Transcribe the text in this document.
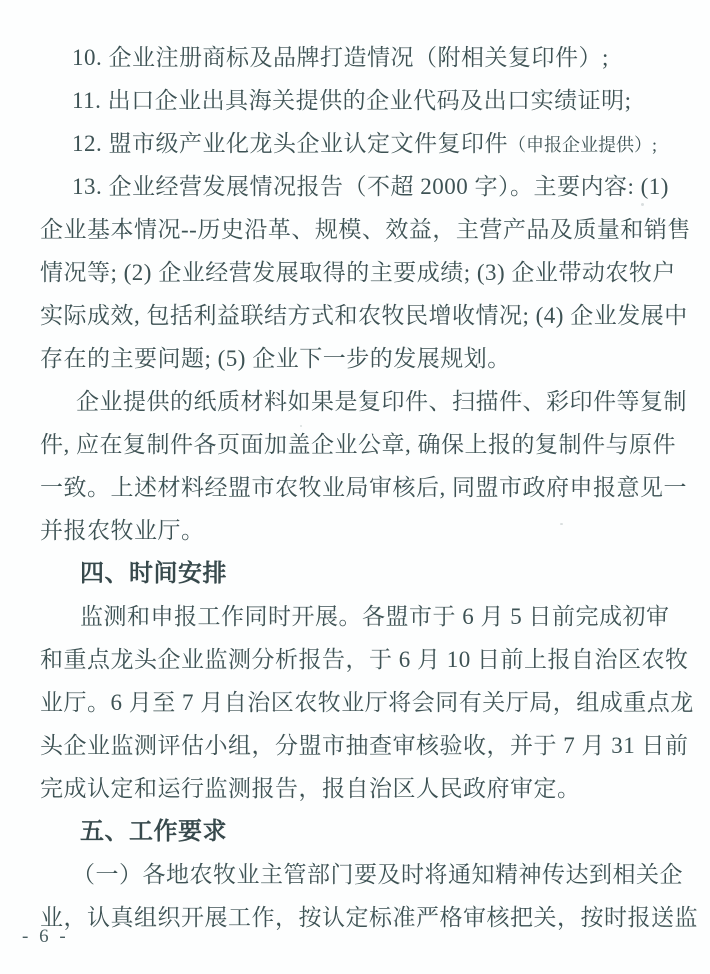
10. 企业注册商标及品牌打造情况（附相关复印件）;
11. 出口企业出具海关提供的企业代码及出口实绩证明;
12. 盟市级产业化龙头企业认定文件复印件（申报企业提供）;
13. 企业经营发展情况报告（不超 2000 字）。主要内容: (1)
企业基本情况--历史沿革、规模、效益，主营产品及质量和销售
情况等; (2) 企业经营发展取得的主要成绩; (3) 企业带动农牧户
实际成效, 包括利益联结方式和农牧民增收情况; (4) 企业发展中
存在的主要问题; (5) 企业下一步的发展规划。
企业提供的纸质材料如果是复印件、扫描件、彩印件等复制
件, 应在复制件各页面加盖企业公章, 确保上报的复制件与原件
一致。上述材料经盟市农牧业局审核后, 同盟市政府申报意见一
并报农牧业厅。
四、时间安排
监测和申报工作同时开展。各盟市于 6 月 5 日前完成初审
和重点龙头企业监测分析报告，于 6 月 10 日前上报自治区农牧
业厅。6 月至 7 月自治区农牧业厅将会同有关厅局，组成重点龙
头企业监测评估小组，分盟市抽查审核验收，并于 7 月 31 日前
完成认定和运行监测报告，报自治区人民政府审定。
五、工作要求
（一）各地农牧业主管部门要及时将通知精神传达到相关企
业，认真组织开展工作，按认定标准严格审核把关，按时报送监
- 6 -
